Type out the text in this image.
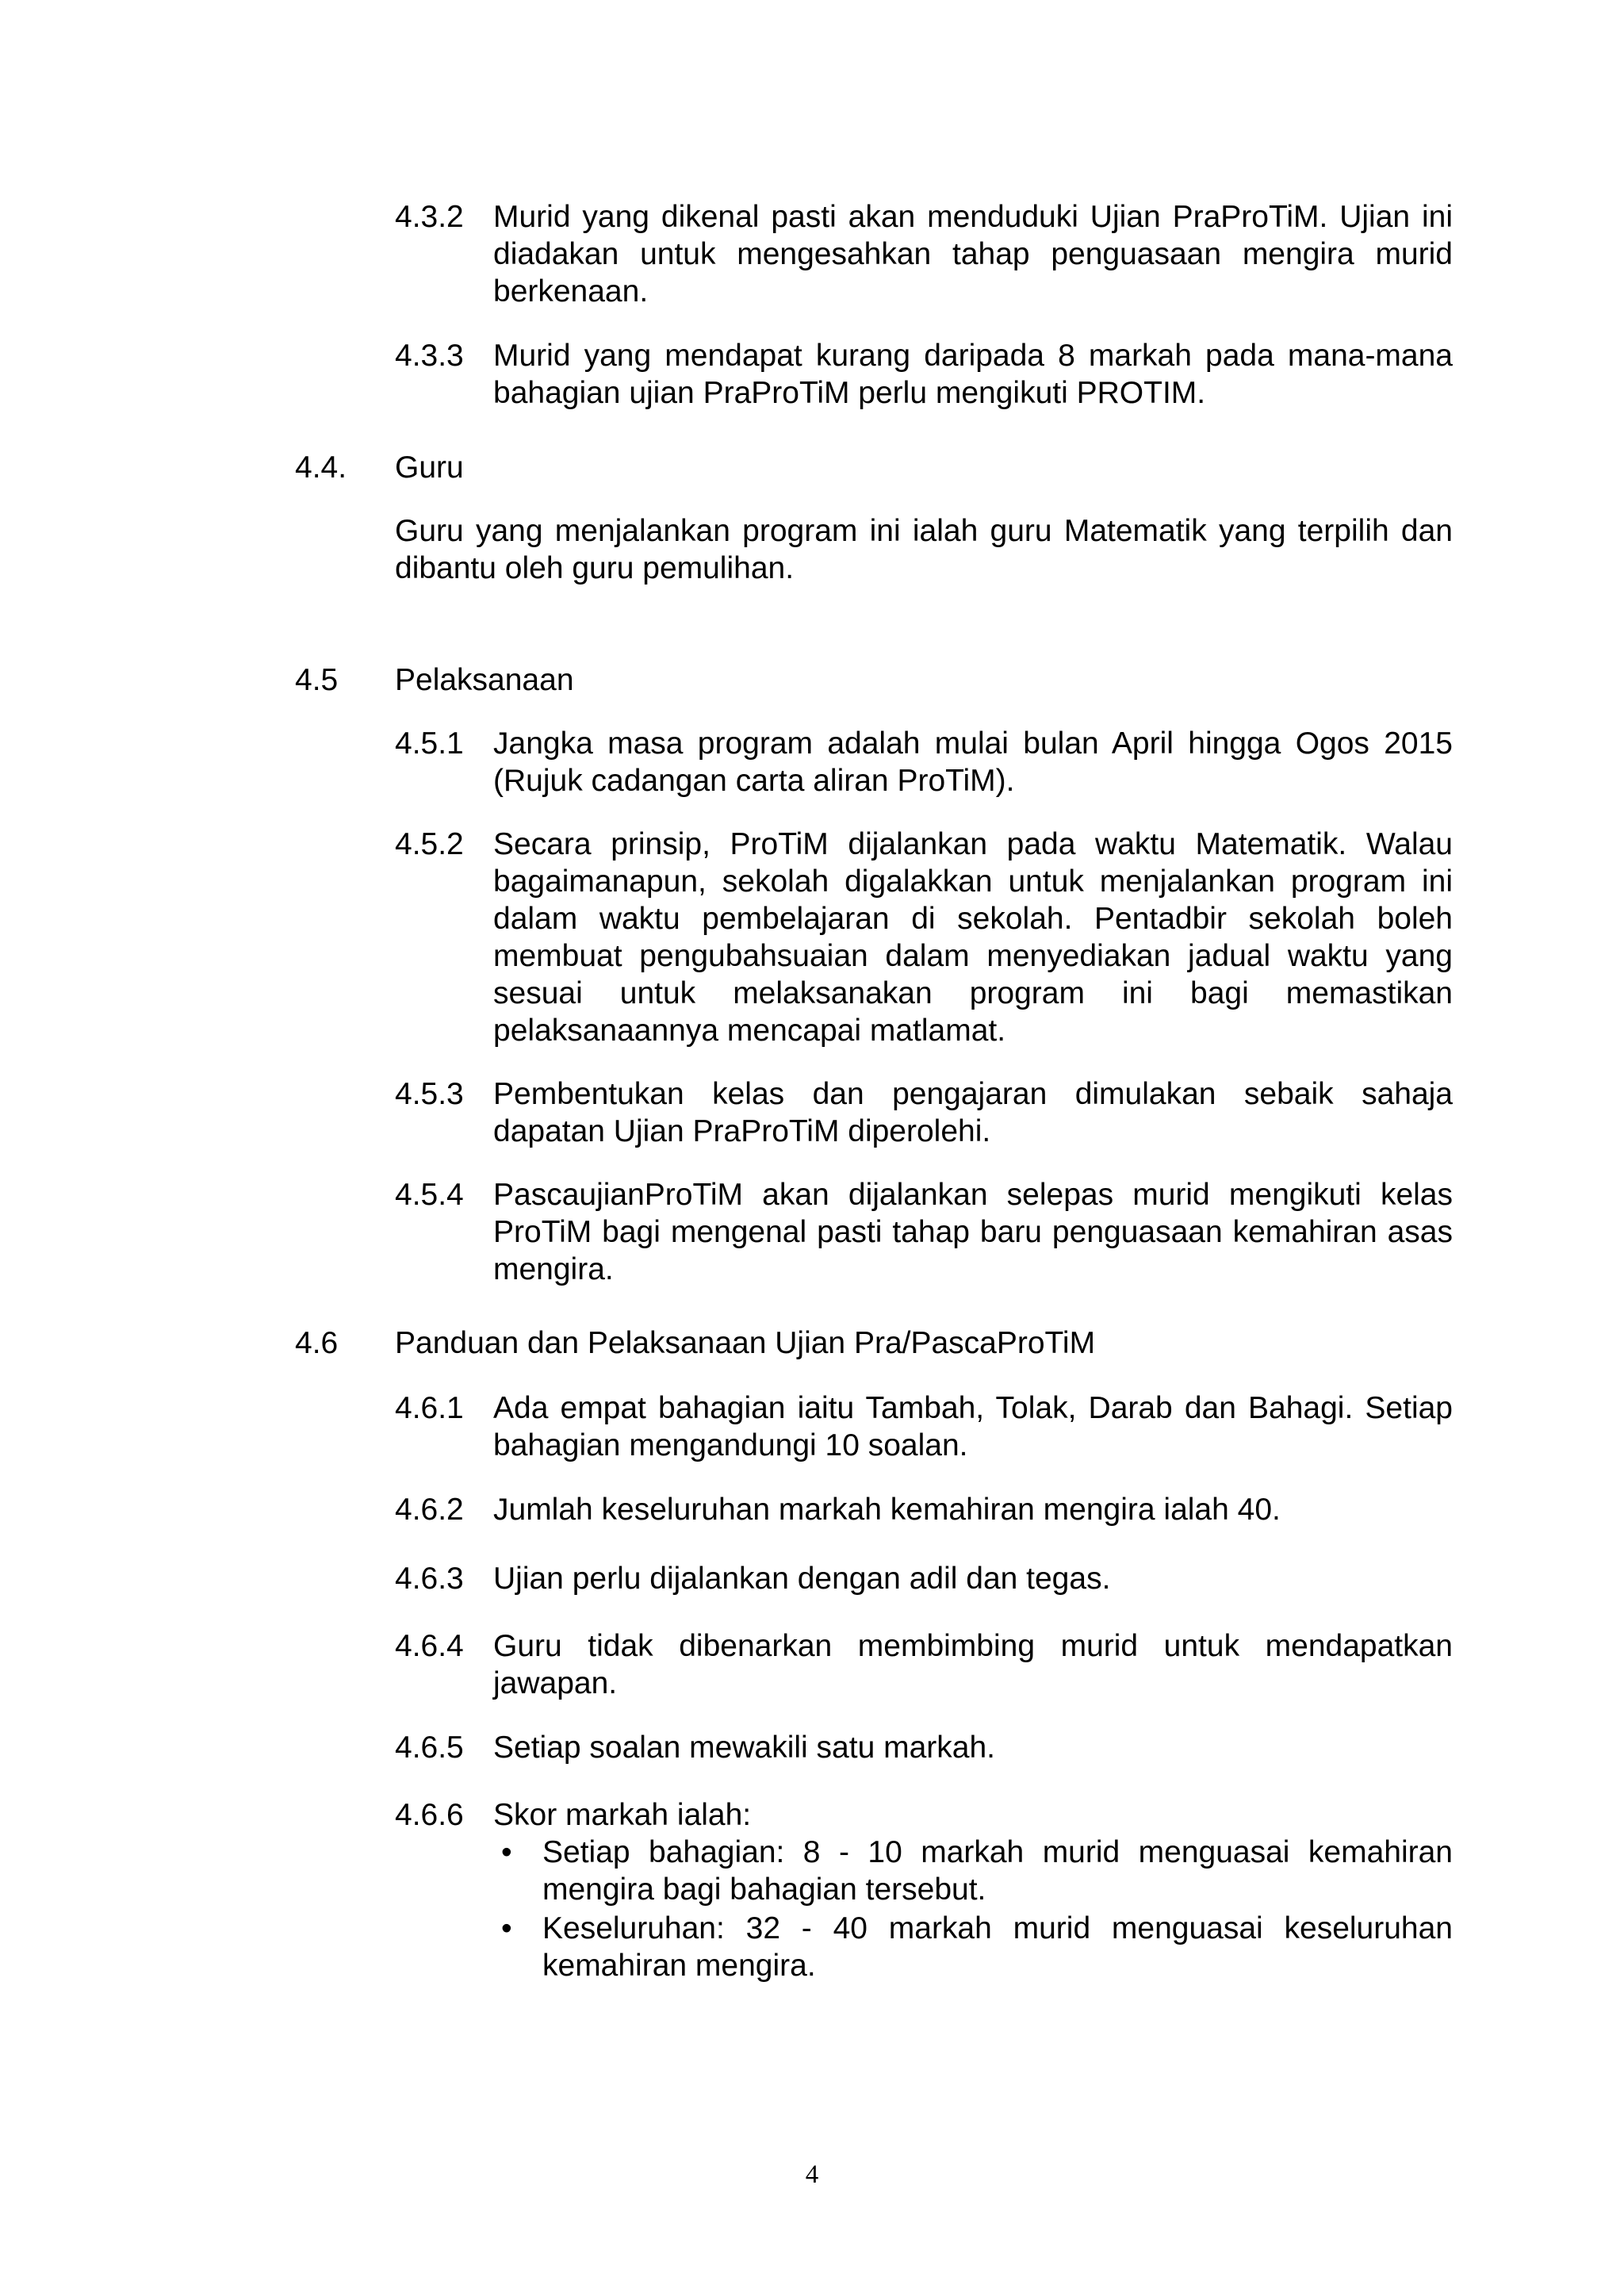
4.3.2 Murid yang dikenal pasti akan menduduki Ujian PraProTiM. Ujian ini diadakan untuk mengesahkan tahap penguasaan mengira murid berkenaan.
4.3.3 Murid yang mendapat kurang daripada 8 markah pada mana-mana bahagian ujian PraProTiM perlu mengikuti PROTIM.
4.4. Guru
Guru yang menjalankan program ini ialah guru Matematik yang terpilih dan dibantu oleh guru pemulihan.
4.5 Pelaksanaan
4.5.1 Jangka masa program adalah mulai bulan April hingga Ogos 2015 (Rujuk cadangan carta aliran ProTiM).
4.5.2 Secara prinsip, ProTiM dijalankan pada waktu Matematik. Walau bagaimanapun, sekolah digalakkan untuk menjalankan program ini dalam waktu pembelajaran di sekolah. Pentadbir sekolah boleh membuat pengubahsuaian dalam menyediakan jadual waktu yang sesuai untuk melaksanakan program ini bagi memastikan pelaksanaannya mencapai matlamat.
4.5.3 Pembentukan kelas dan pengajaran dimulakan sebaik sahaja dapatan Ujian PraProTiM diperolehi.
4.5.4 PascaujianProTiM akan dijalankan selepas murid mengikuti kelas ProTiM bagi mengenal pasti tahap baru penguasaan kemahiran asas mengira.
4.6 Panduan dan Pelaksanaan Ujian Pra/PascaProTiM
4.6.1 Ada empat bahagian iaitu Tambah, Tolak, Darab dan Bahagi. Setiap bahagian mengandungi 10 soalan.
4.6.2 Jumlah keseluruhan markah kemahiran mengira ialah 40.
4.6.3 Ujian perlu dijalankan dengan adil dan tegas.
4.6.4 Guru tidak dibenarkan membimbing murid untuk mendapatkan jawapan.
4.6.5 Setiap soalan mewakili satu markah.
4.6.6 Skor markah ialah:
• Setiap bahagian: 8 - 10 markah murid menguasai kemahiran mengira bagi bahagian tersebut.
• Keseluruhan: 32 - 40 markah murid menguasai keseluruhan kemahiran mengira.
4
